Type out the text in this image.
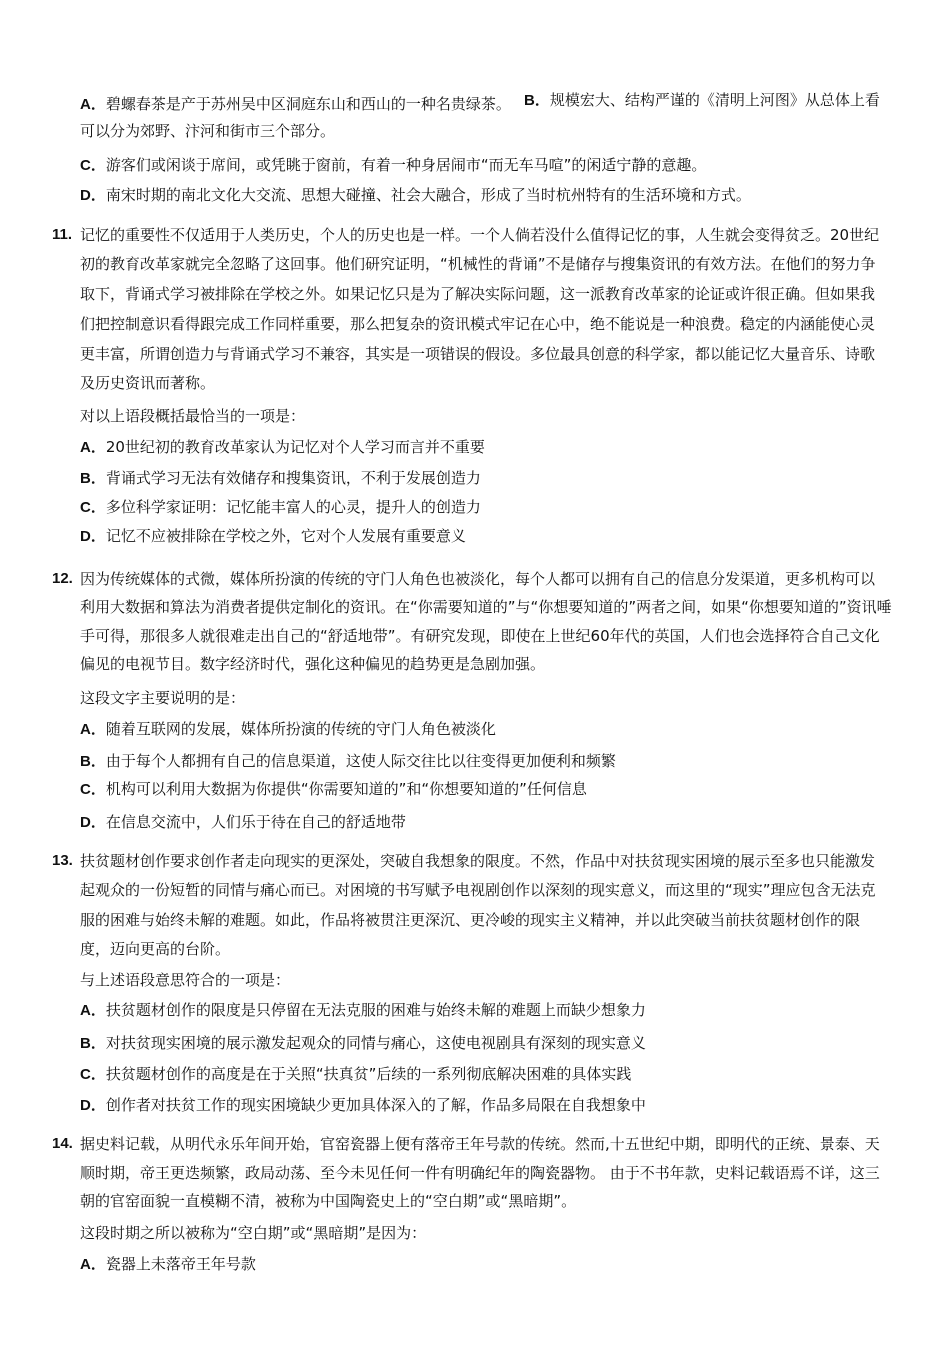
A．碧螺春茶是产于苏州吴中区洞庭东山和西山的一种名贵绿茶。 B．规模宏大、结构严谨的《清明上河图》从总体上看
可以分为郊野、汴河和街市三个部分。
C．游客们或闲谈于席间，或凭眺于窗前，有着一种身居闹市“而无车马喧”的闲适宁静的意趣。
D．南宋时期的南北文化大交流、思想大碰撞、社会大融合，形成了当时杭州特有的生活环境和方式。
11. 记忆的重要性不仅适用于人类历史，个人的历史也是一样。一个人倘若没什么值得记忆的事，人生就会变得贫乏。20世纪
初的教育改革家就完全忽略了这回事。他们研究证明，“机械性的背诵”不是储存与搜集资讯的有效方法。在他们的努力争
取下，背诵式学习被排除在学校之外。如果记忆只是为了解决实际问题，这一派教育改革家的论证或许很正确。但如果我
们把控制意识看得跟完成工作同样重要，那么把复杂的资讯模式牢记在心中，绝不能说是一种浪费。稳定的内涵能使心灵
更丰富，所谓创造力与背诵式学习不兼容，其实是一项错误的假设。多位最具创意的科学家，都以能记忆大量音乐、诗歌
及历史资讯而著称。
对以上语段概括最恰当的一项是：
A．20世纪初的教育改革家认为记忆对个人学习而言并不重要
B．背诵式学习无法有效储存和搜集资讯，不利于发展创造力
C．多位科学家证明：记忆能丰富人的心灵，提升人的创造力
D．记忆不应被排除在学校之外，它对个人发展有重要意义
12. 因为传统媒体的式微，媒体所扮演的传统的守门人角色也被淡化，每个人都可以拥有自己的信息分发渠道，更多机构可以
利用大数据和算法为消费者提供定制化的资讯。在“你需要知道的”与“你想要知道的”两者之间，如果“你想要知道的”资讯唾
手可得，那很多人就很难走出自己的“舒适地带”。有研究发现，即使在上世纪60年代的英国，人们也会选择符合自己文化
偏见的电视节目。数字经济时代，强化这种偏见的趋势更是急剧加强。
这段文字主要说明的是：
A．随着互联网的发展，媒体所扮演的传统的守门人角色被淡化
B．由于每个人都拥有自己的信息渠道，这使人际交往比以往变得更加便利和频繁
C．机构可以利用大数据为你提供“你需要知道的”和“你想要知道的”任何信息
D．在信息交流中，人们乐于待在自己的舒适地带
13. 扶贫题材创作要求创作者走向现实的更深处，突破自我想象的限度。不然，作品中对扶贫现实困境的展示至多也只能激发
起观众的一份短暂的同情与痛心而已。对困境的书写赋予电视剧创作以深刻的现实意义，而这里的“现实”理应包含无法克
服的困难与始终未解的难题。如此，作品将被贯注更深沉、更冷峻的现实主义精神，并以此突破当前扶贫题材创作的限
度，迈向更高的台阶。
与上述语段意思符合的一项是：
A．扶贫题材创作的限度是只停留在无法克服的困难与始终未解的难题上而缺少想象力
B．对扶贫现实困境的展示激发起观众的同情与痛心，这使电视剧具有深刻的现实意义
C．扶贫题材创作的高度是在于关照“扶真贫”后续的一系列彻底解决困难的具体实践
D．创作者对扶贫工作的现实困境缺少更加具体深入的了解，作品多局限在自我想象中
14. 据史料记载，从明代永乐年间开始，官窑瓷器上便有落帝王年号款的传统。然而,十五世纪中期，即明代的正统、景泰、天
顺时期，帝王更迭频繁，政局动荡、至今未见任何一件有明确纪年的陶瓷器物。 由于不书年款，史料记载语焉不详，这三
朝的官窑面貌一直模糊不清，被称为中国陶瓷史上的“空白期”或“黑暗期”。
这段时期之所以被称为“空白期”或“黑暗期”是因为：
A．瓷器上未落帝王年号款
